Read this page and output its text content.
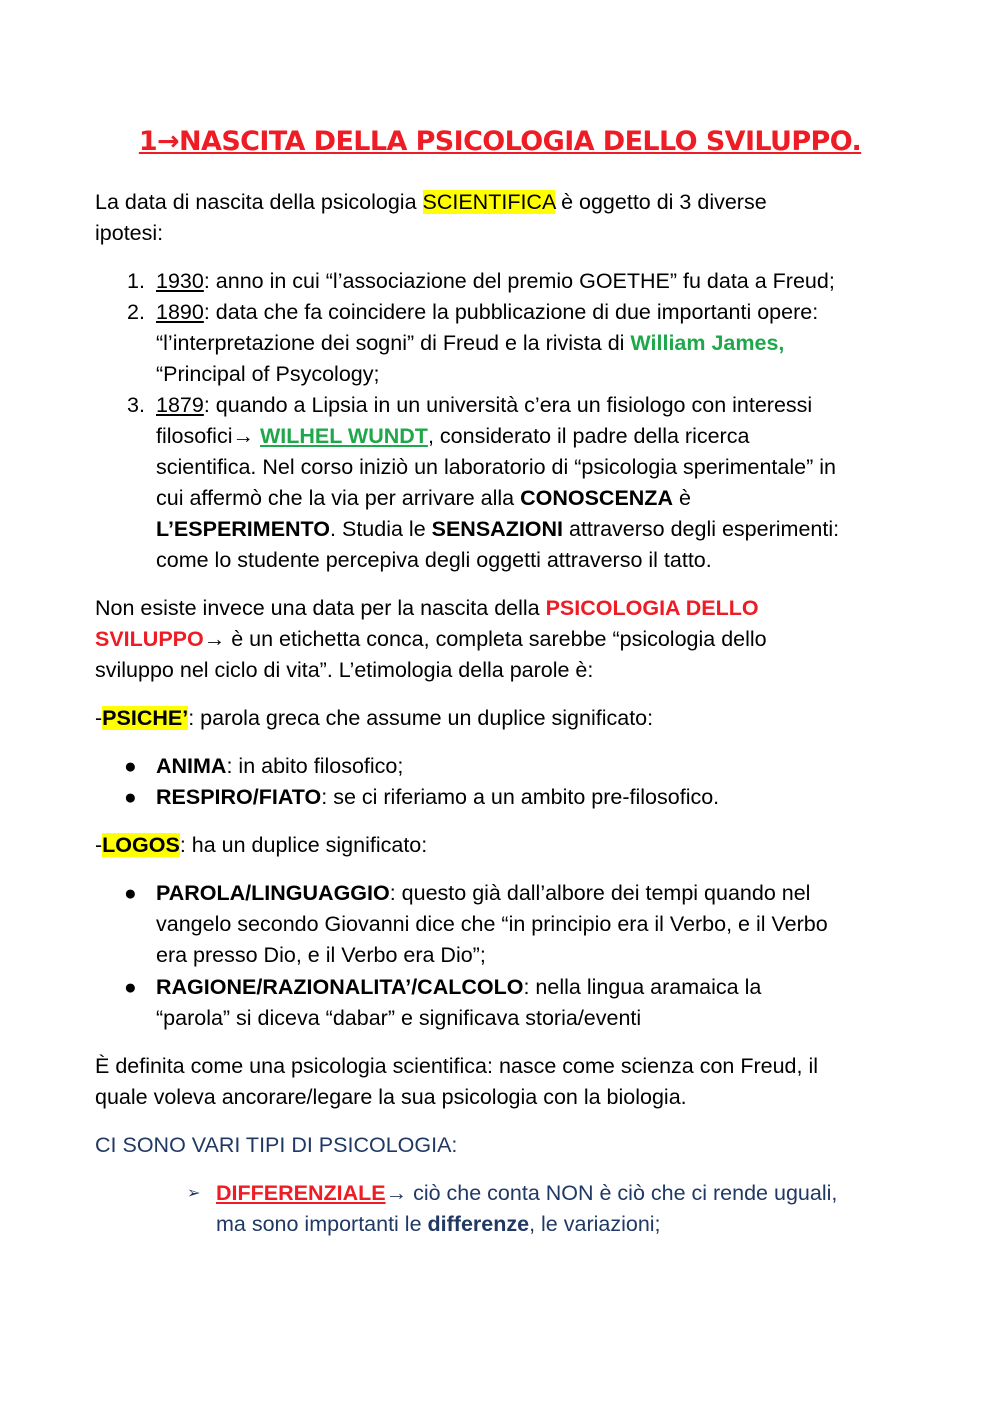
1→NASCITA DELLA PSICOLOGIA DELLO SVILUPPO.
La data di nascita della psicologia SCIENTIFICA è oggetto di 3 diverse
ipotesi:
1. 1930: anno in cui “l’associazione del premio GOETHE” fu data a Freud;
2. 1890: data che fa coincidere la pubblicazione di due importanti opere:
“l’interpretazione dei sogni” di Freud e la rivista di William James,
“Principal of Psycology;
3. 1879: quando a Lipsia in un università c’era un fisiologo con interessi
filosofici→ WILHEL WUNDT, considerato il padre della ricerca
scientifica. Nel corso iniziò un laboratorio di “psicologia sperimentale” in
cui affermò che la via per arrivare alla CONOSCENZA è
L’ESPERIMENTO. Studia le SENSAZIONI attraverso degli esperimenti:
come lo studente percepiva degli oggetti attraverso il tatto.
Non esiste invece una data per la nascita della PSICOLOGIA DELLO
SVILUPPO→ è un etichetta conca, completa sarebbe “psicologia dello
sviluppo nel ciclo di vita”. L’etimologia della parole è:
-PSICHE’: parola greca che assume un duplice significato:
● ANIMA: in abito filosofico;
● RESPIRO/FIATO: se ci riferiamo a un ambito pre-filosofico.
-LOGOS: ha un duplice significato:
● PAROLA/LINGUAGGIO: questo già dall’albore dei tempi quando nel
vangelo secondo Giovanni dice che “in principio era il Verbo, e il Verbo
era presso Dio, e il Verbo era Dio”;
● RAGIONE/RAZIONALITA’/CALCOLO: nella lingua aramaica la
“parola” si diceva “dabar” e significava storia/eventi
È definita come una psicologia scientifica: nasce come scienza con Freud, il
quale voleva ancorare/legare la sua psicologia con la biologia.
CI SONO VARI TIPI DI PSICOLOGIA:
➢ DIFFERENZIALE→ ciò che conta NON è ciò che ci rende uguali,
ma sono importanti le differenze, le variazioni;
